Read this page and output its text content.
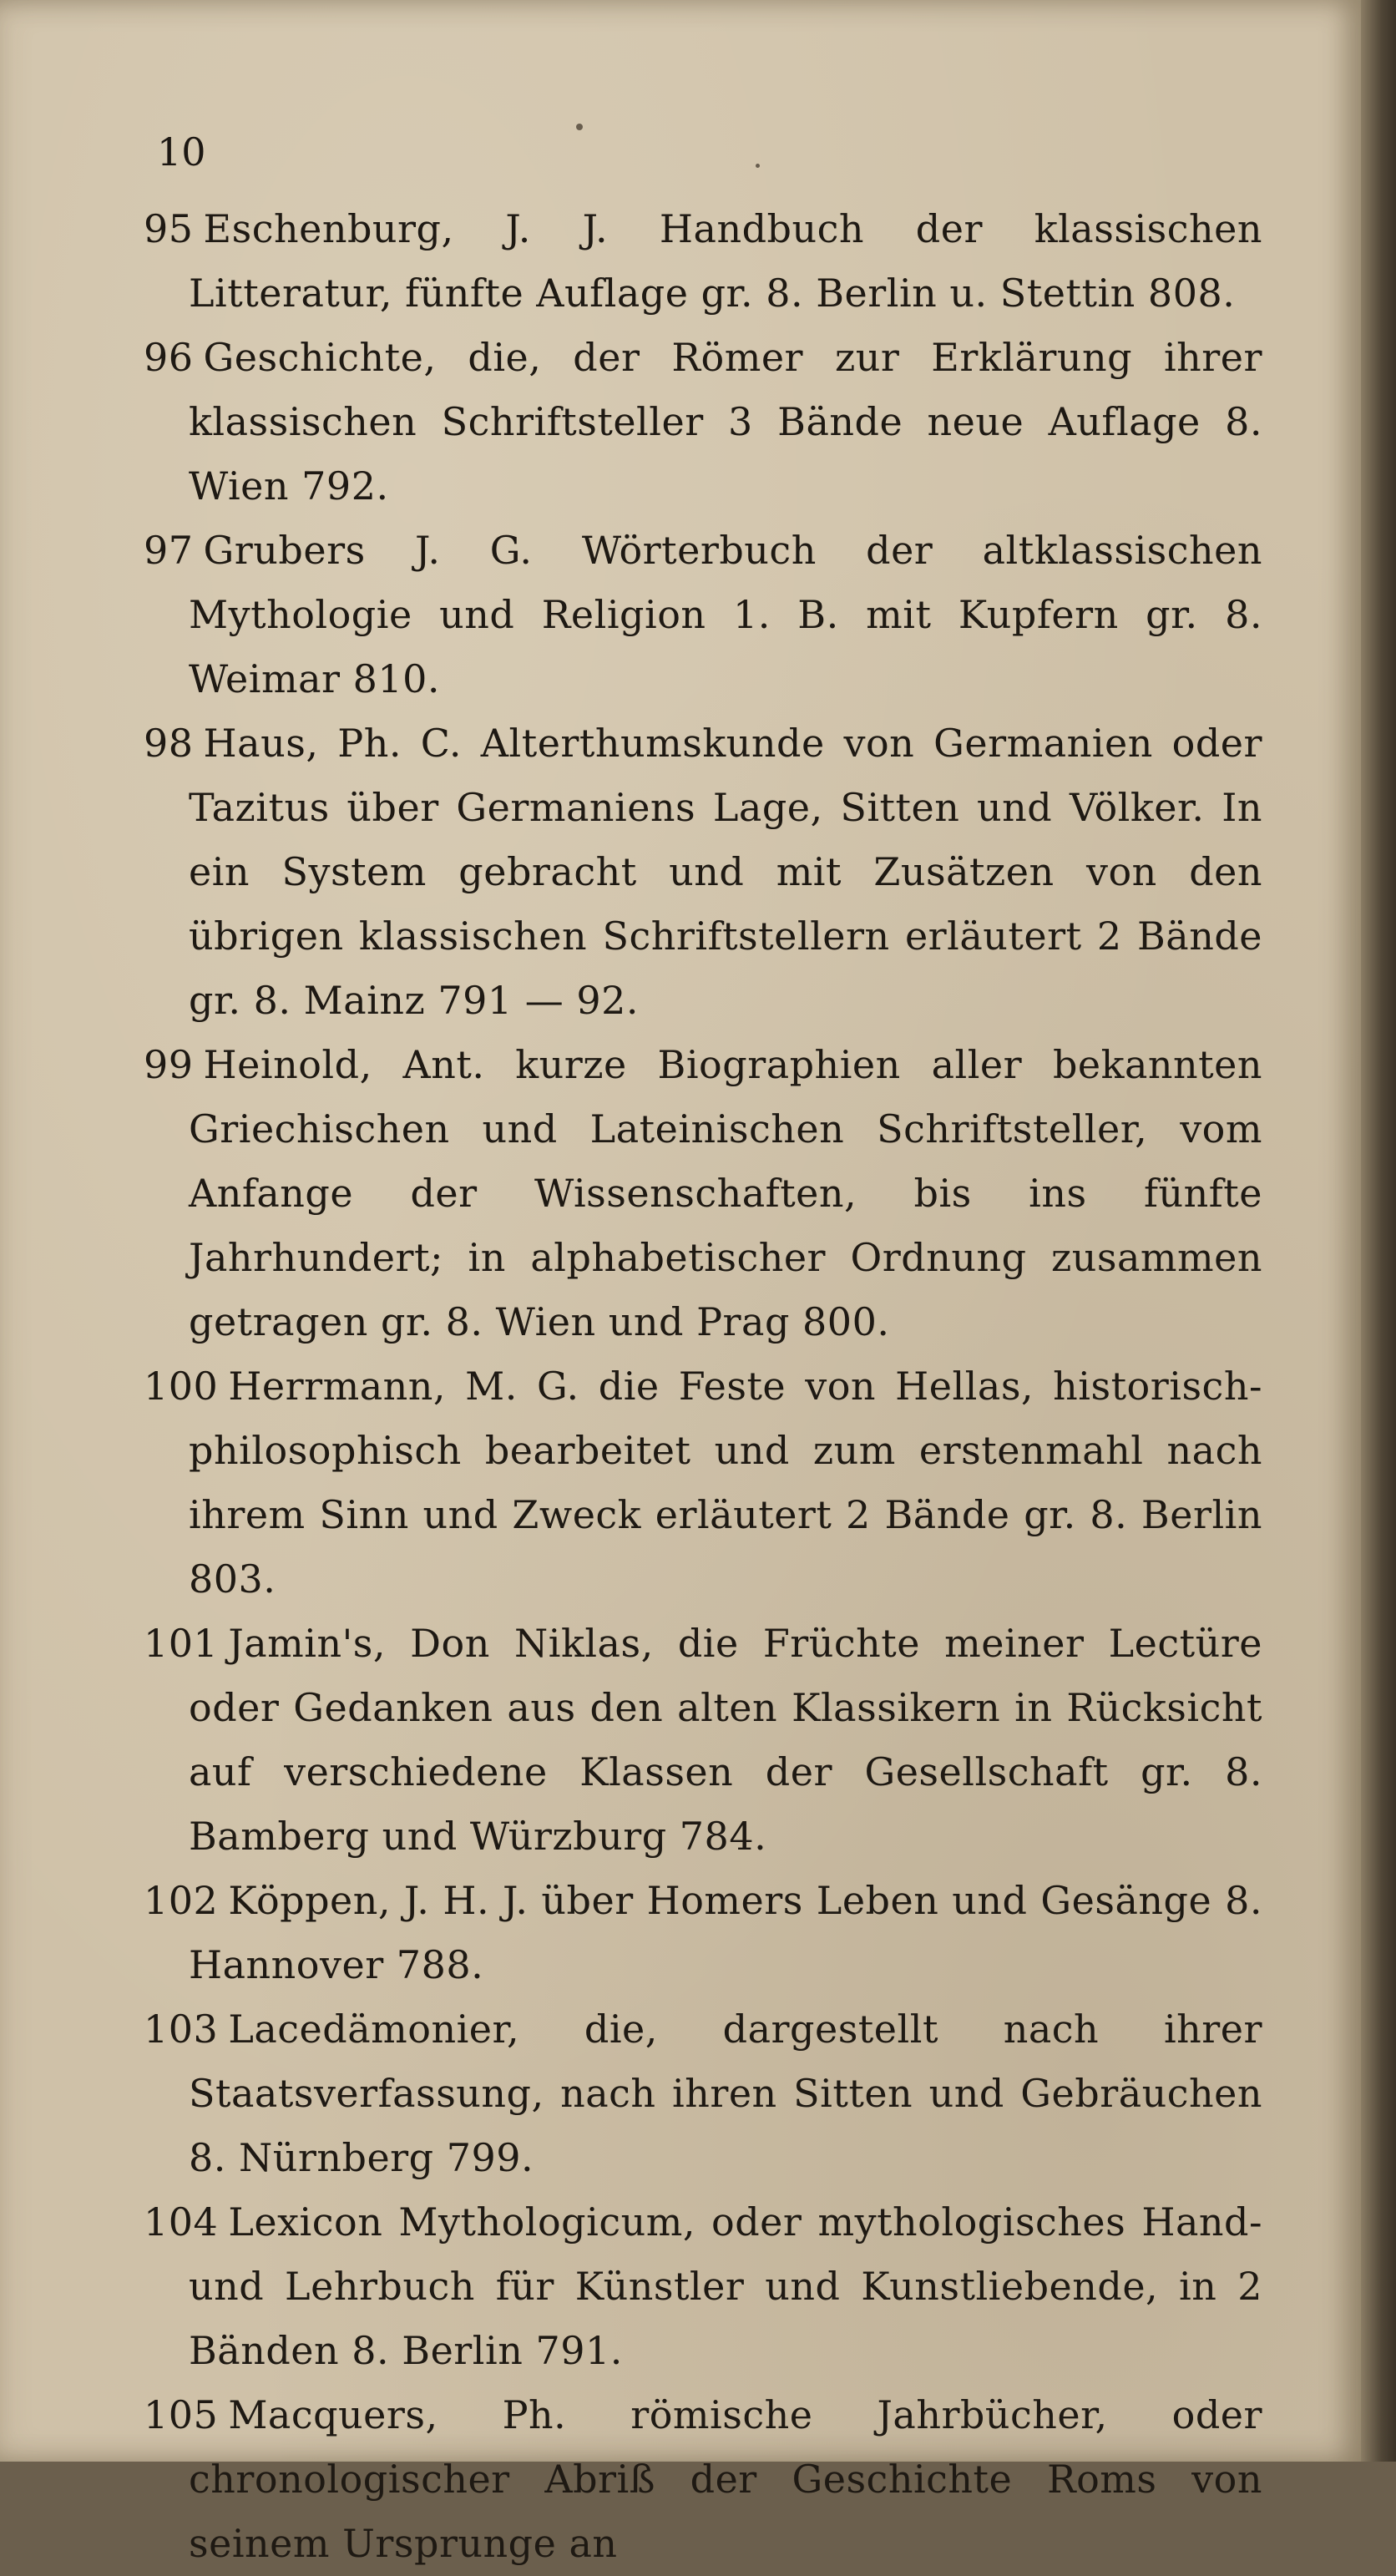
10

95 Eschenburg, J. J. Handbuch der klassischen Litteratur, fünfte Auflage gr. 8. Berlin u. Stettin 808.

96 Geschichte, die, der Römer zur Erklärung ihrer klassischen Schriftsteller 3 Bände neue Auflage 8. Wien 792.

97 Grubers J. G. Wörterbuch der altklassischen Mythologie und Religion 1. B. mit Kupfern gr. 8. Weimar 810.

98 Haus, Ph. C. Alterthumskunde von Germanien oder Tazitus über Germaniens Lage, Sitten und Völker. In ein System gebracht und mit Zusätzen von den übrigen klassischen Schriftstellern erläutert 2 Bände gr. 8. Mainz 791 — 92.

99 Heinold, Ant. kurze Biographien aller bekannten Griechischen und Lateinischen Schriftsteller, vom Anfange der Wissenschaften, bis ins fünfte Jahrhundert; in alphabetischer Ordnung zusammen getragen gr. 8. Wien und Prag 800.

100 Herrmann, M. G. die Feste von Hellas, historisch-philosophisch bearbeitet und zum erstenmahl nach ihrem Sinn und Zweck erläutert 2 Bände gr. 8. Berlin 803.

101 Jamin's, Don Niklas, die Früchte meiner Lectüre oder Gedanken aus den alten Klassikern in Rücksicht auf verschiedene Klassen der Gesellschaft gr. 8. Bamberg und Würzburg 784.

102 Köppen, J. H. J. über Homers Leben und Gesänge 8. Hannover 788.

103 Lacedämonier, die, dargestellt nach ihrer Staatsverfassung, nach ihren Sitten und Gebräuchen 8. Nürnberg 799.

104 Lexicon Mythologicum, oder mythologisches Hand- und Lehrbuch für Künstler und Kunstliebende, in 2 Bänden 8. Berlin 791.

105 Macquers, Ph. römische Jahrbücher, oder chronologischer Abriß der Geschichte Roms von seinem Ursprunge an
